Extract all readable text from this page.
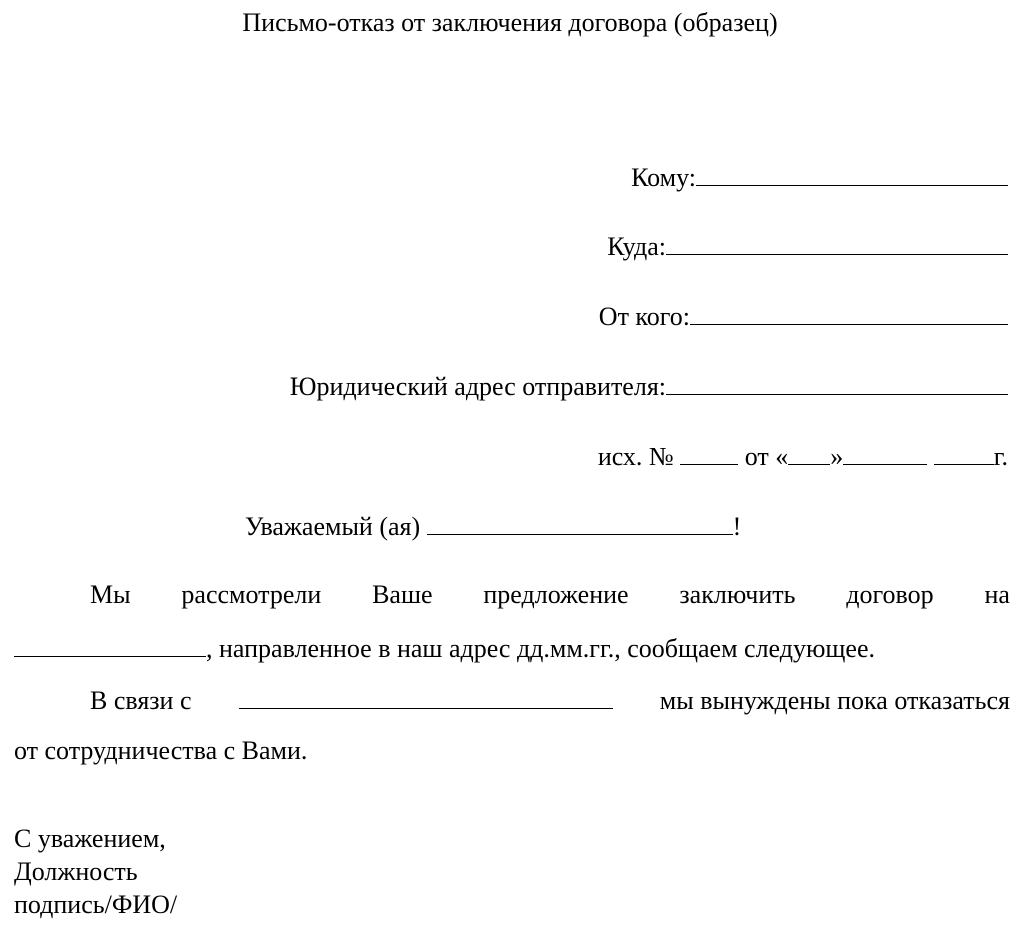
Письмо-отказ от заключения договора (образец)
Кому:
Куда:
От кого:
Юридический адрес отправителя:
исх. №	от « »	г.
Уважаемый (ая)	!
Мы рассмотрели Ваше предложение заключить договор на
, направленное в наш адрес дд.мм.гг., сообщаем следующее.
В связи с	мы вынуждены пока отказаться
от сотрудничества с Вами.
С уважением,
Должность
подпись/ФИО/
